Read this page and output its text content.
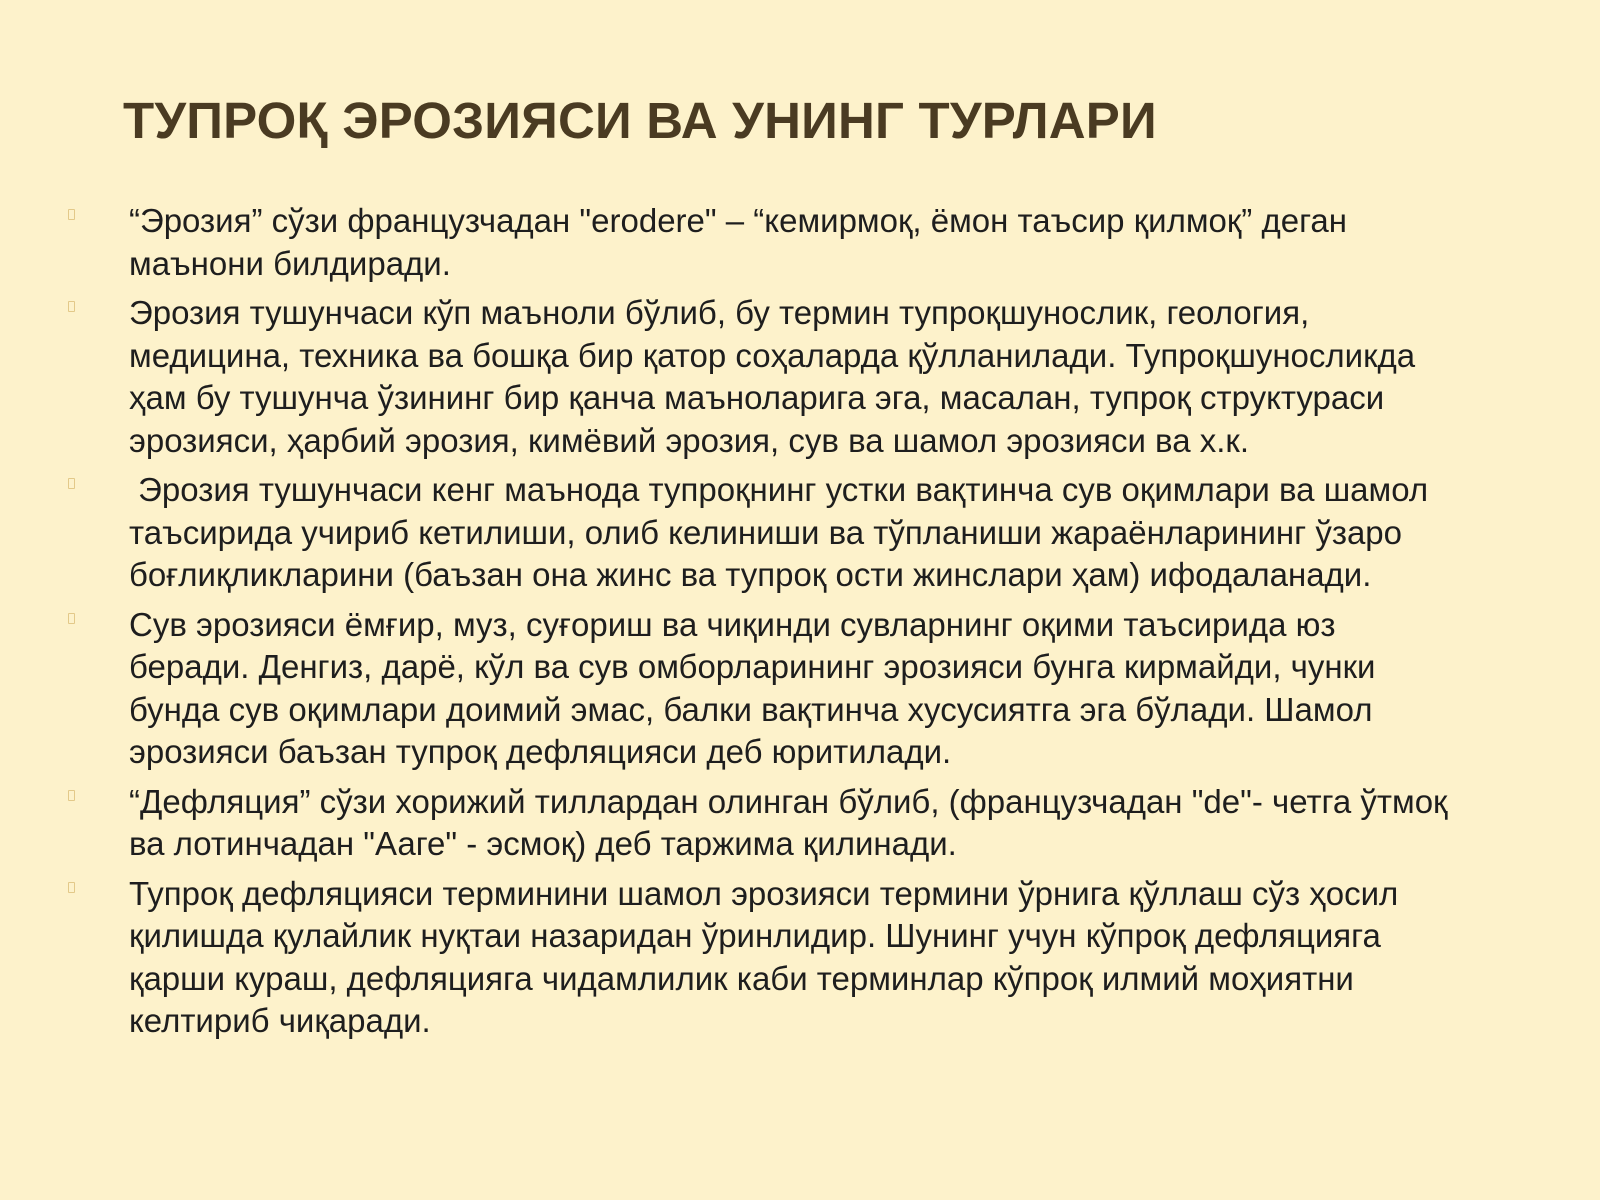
ТУПРОҚ ЭРОЗИЯСИ ВА УНИНГ ТУРЛАРИ
“Эрозия” сўзи французчадан "erodere" – “кемирмоқ, ёмон таъсир қилмоқ” деган
маънони билдиради.
Эрозия тушунчаси кўп маъноли бўлиб, бу термин тупроқшунослик, геология,
медицина, техника ва бошқа бир қатор соҳаларда қўлланилади. Тупроқшуносликда
ҳам бу тушунча ўзининг бир қанча маъноларига эга, масалан, тупроқ структураси
эрозияси, ҳарбий эрозия, кимёвий эрозия, сув ва шамол эрозияси ва х.к.
Эрозия тушунчаси кенг маънода тупроқнинг устки вақтинча сув оқимлари ва шамол
таъсирида учириб кетилиши, олиб келиниши ва тўпланиши жараёнларининг ўзаро
боғлиқликларини (баъзан она жинс ва тупроқ ости жинслари ҳам) ифодаланади.
Сув эрозияси ёмғир, муз, суғориш ва чиқинди сувларнинг оқими таъсирида юз
беради. Денгиз, дарё, кўл ва сув омборларининг эрозияси бунга кирмайди, чунки
бунда сув оқимлари доимий эмас, балки вақтинча хусусиятга эга бўлади. Шамол
эрозияси баъзан тупроқ дефляцияси деб юритилади.
“Дефляция” сўзи хорижий тиллардан олинган бўлиб, (французчадан "de"- четга ўтмоқ
ва лотинчадан "Ааге" - эсмоқ) деб таржима қилинади.
Тупроқ дефляцияси терминини шамол эрозияси термини ўрнига қўллаш сўз ҳосил
қилишда қулайлик нуқтаи назаридан ўринлидир. Шунинг учун кўпроқ дефляцияга
қарши кураш, дефляцияга чидамлилик каби терминлар кўпроқ илмий моҳиятни
келтириб чиқаради.
